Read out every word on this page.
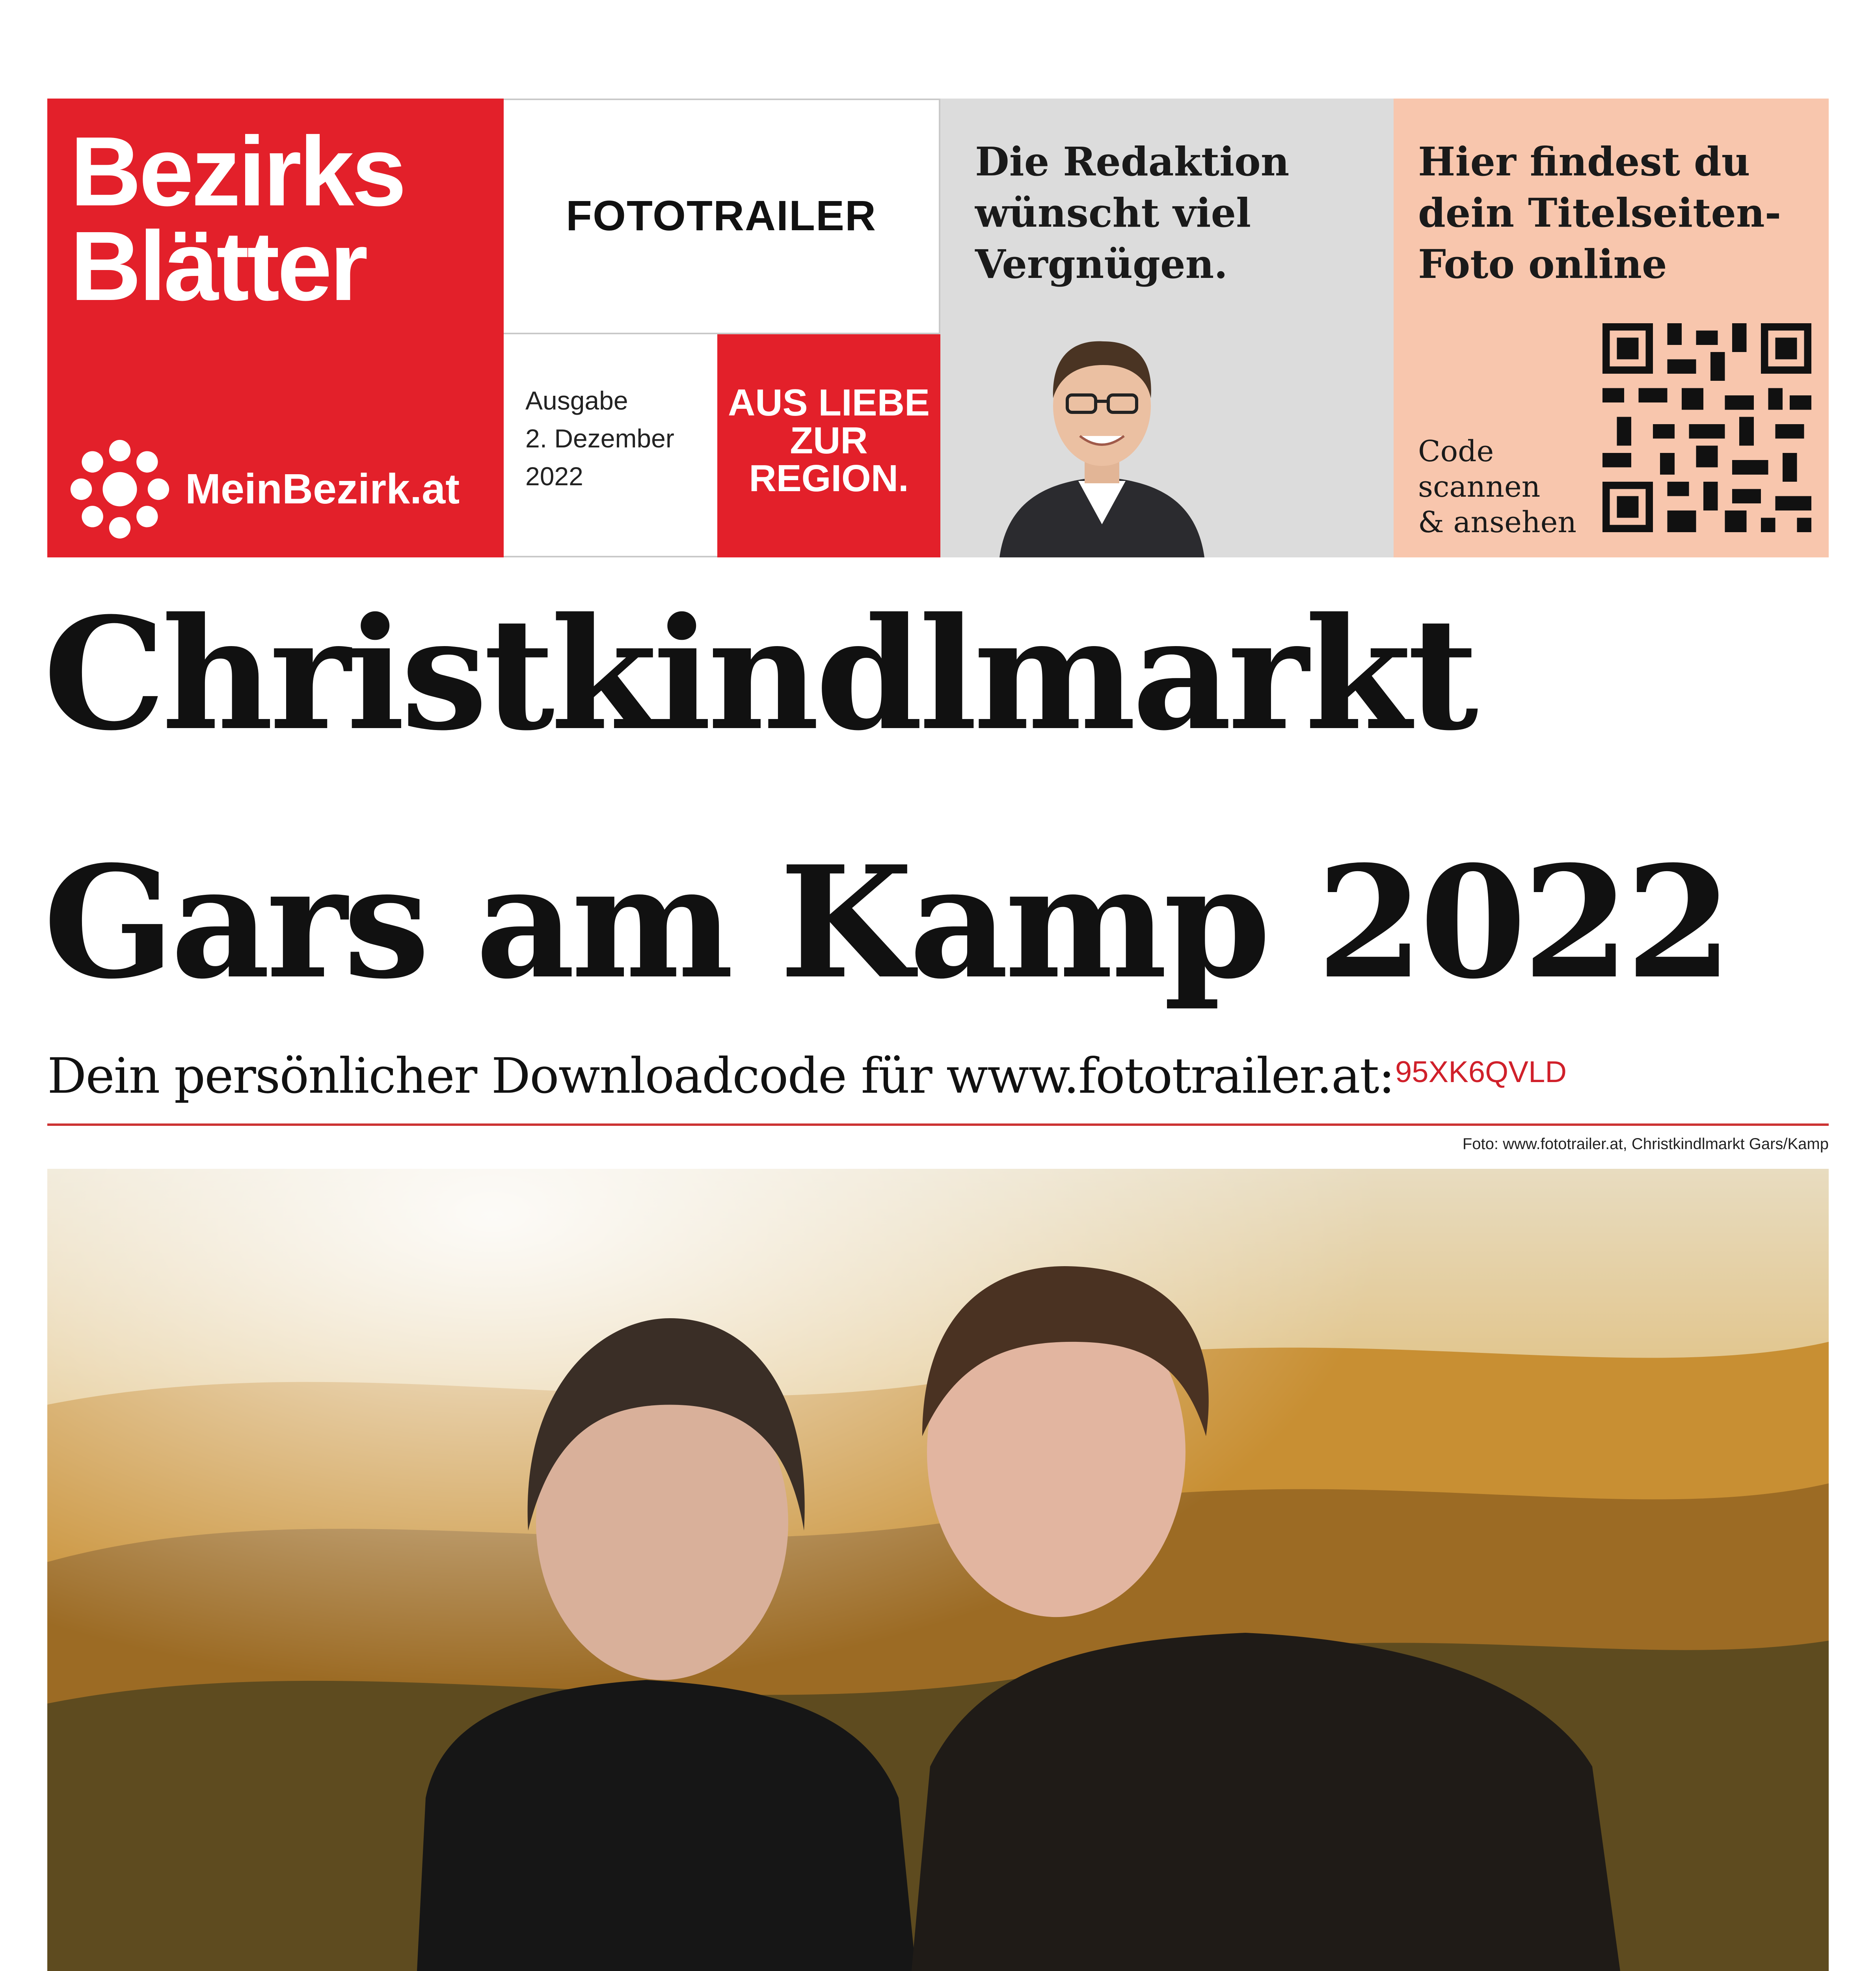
Bezirks
Blätter
MeinBezirk.at
FOTOTRAILER
Ausgabe
2. Dezember
2022
AUS LIEBE
ZUR
REGION.
Die Redaktion
wünscht viel
Vergnügen.
Hier findest du
dein Titelseiten-
Foto online
Code
scannen
& ansehen
Christkindlmarkt
Gars am Kamp 2022
Dein persönlicher Downloadcode für www.fototrailer.at: 95XK6QVLD
Foto: www.fototrailer.at, Christkindlmarkt Gars/Kamp
